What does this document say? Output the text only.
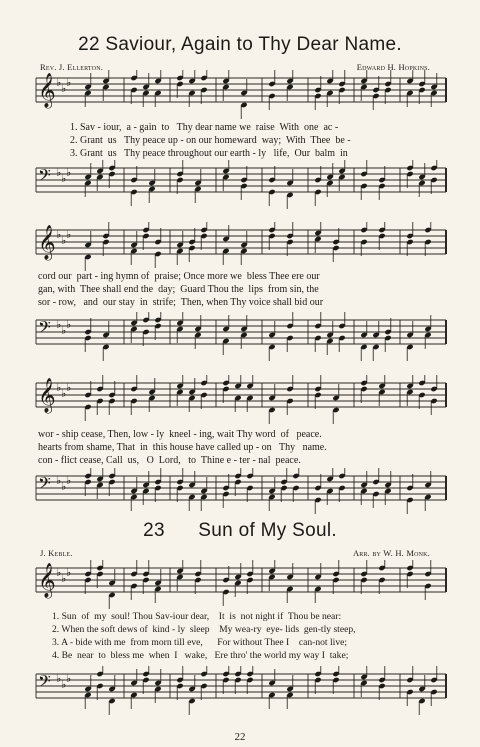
22 Saviour, Again to Thy Dear Name.
Rev. J. Ellerton.	Edward H. Hopkins.
𝄞 ♭ ♭ ♭
1. Sav - iour,  a - gain  to   Thy dear name we  raise  With  one  ac -
2. Grant  us   Thy peace up - on our homeward  way;  With  Thee  be -
3. Grant  us   Thy peace throughout our earth - ly   life,  Our  balm  in
𝄢 ♭ ♭ ♭
𝄞 ♭ ♭ ♭
cord our  part - ing hymn of  praise; Once more we  bless Thee ere our
gan, with  Thee shall end the  day;  Guard Thou the  lips  from sin, the
sor - row,   and  our stay  in  strife;  Then, when Thy voice shall bid our
𝄢 ♭ ♭ ♭
𝄞 ♭ ♭ ♭
wor - ship cease, Then, low - ly  kneel - ing, wait Thy word  of   peace.
hearts from shame, That  in  this house have called up - on   Thy   name.
con - flict cease, Call  us,   O  Lord,   to  Thine e - ter - nal  peace.
𝄢 ♭ ♭ ♭
23 Sun of My Soul.
J. Keble.	Arr. by W. H. Monk.
𝄞 ♭ ♭ ♭
1. Sun  of  my  soul! Thou Sav-iour dear,    It  is  not night if  Thou be near:
2. When the soft dews of  kind - ly  sleep    My wea-ry  eye- lids  gen-tly steep,
3. A - bide with me  from morn till eve,      For without Thee I    can-not live;
4. Be  near  to  bless me  when  I   wake,   Ere thro' the world my way I  take;
𝄢 ♭ ♭ ♭
22
